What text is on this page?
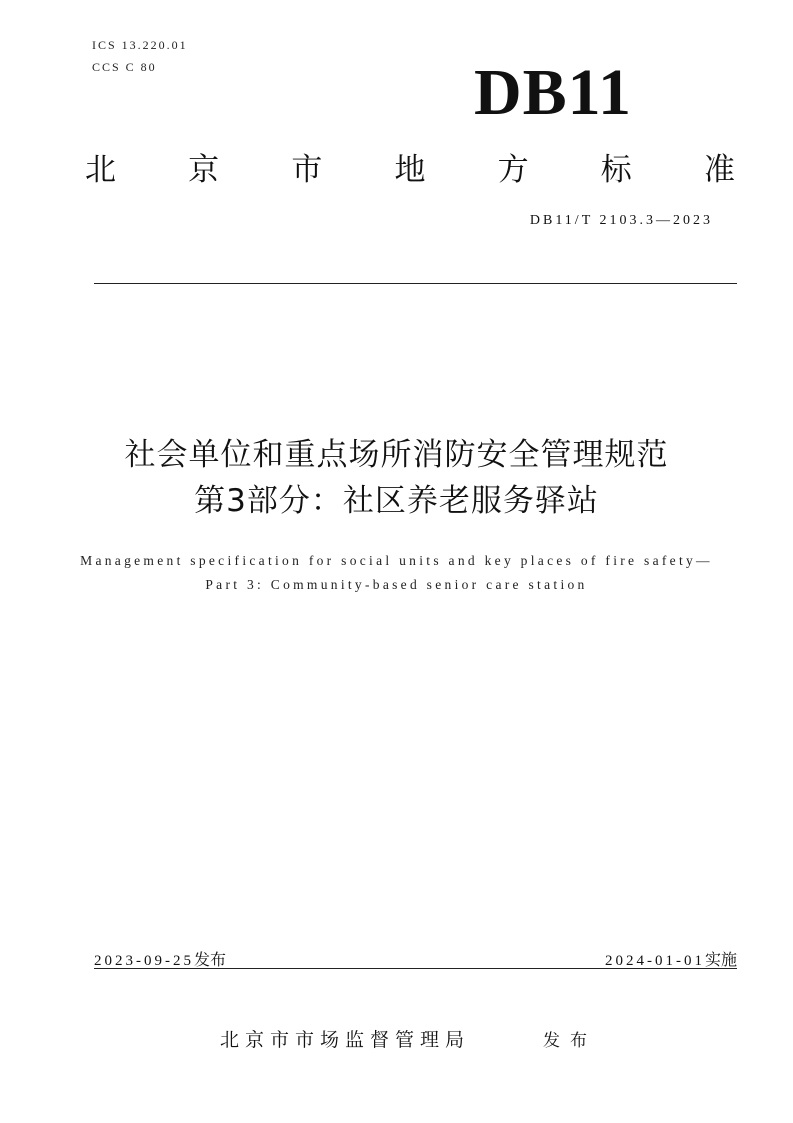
ICS 13.220.01
CCS C 80	DB11
北 京 市 地 方 标 准
DB11/T 2103.3—2023
社会单位和重点场所消防安全管理规范
第3部分：社区养老服务驿站
Management specification for social units and key places of fire safety—
Part 3: Community-based senior care station
2023-09-25发布	2024-01-01实施
北京市市场监督管理局	发布
